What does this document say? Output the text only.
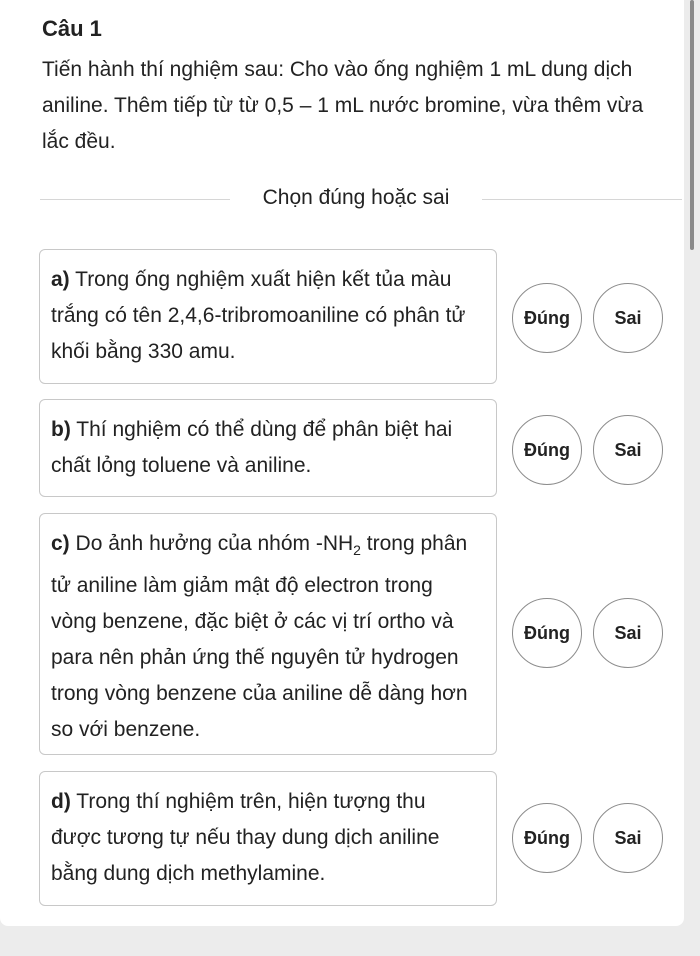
Câu 1
Tiến hành thí nghiệm sau: Cho vào ống nghiệm 1 mL dung dịch aniline. Thêm tiếp từ từ 0,5 – 1 mL nước bromine, vừa thêm vừa lắc đều.
Chọn đúng hoặc sai
a) Trong ống nghiệm xuất hiện kết tủa màu trắng có tên 2,4,6-tribromoaniline có phân tử khối bằng 330 amu.
Đúng	Sai
b) Thí nghiệm có thể dùng để phân biệt hai chất lỏng toluene và aniline.
Đúng	Sai
c) Do ảnh hưởng của nhóm $-NH_2$ trong phân tử aniline làm giảm mật độ electron trong vòng benzene, đặc biệt ở các vị trí ortho và para nên phản ứng thế nguyên tử hydrogen trong vòng benzene của aniline dễ dàng hơn so với benzene.
Đúng	Sai
d) Trong thí nghiệm trên, hiện tượng thu được tương tự nếu thay dung dịch aniline bằng dung dịch methylamine.
Đúng	Sai
